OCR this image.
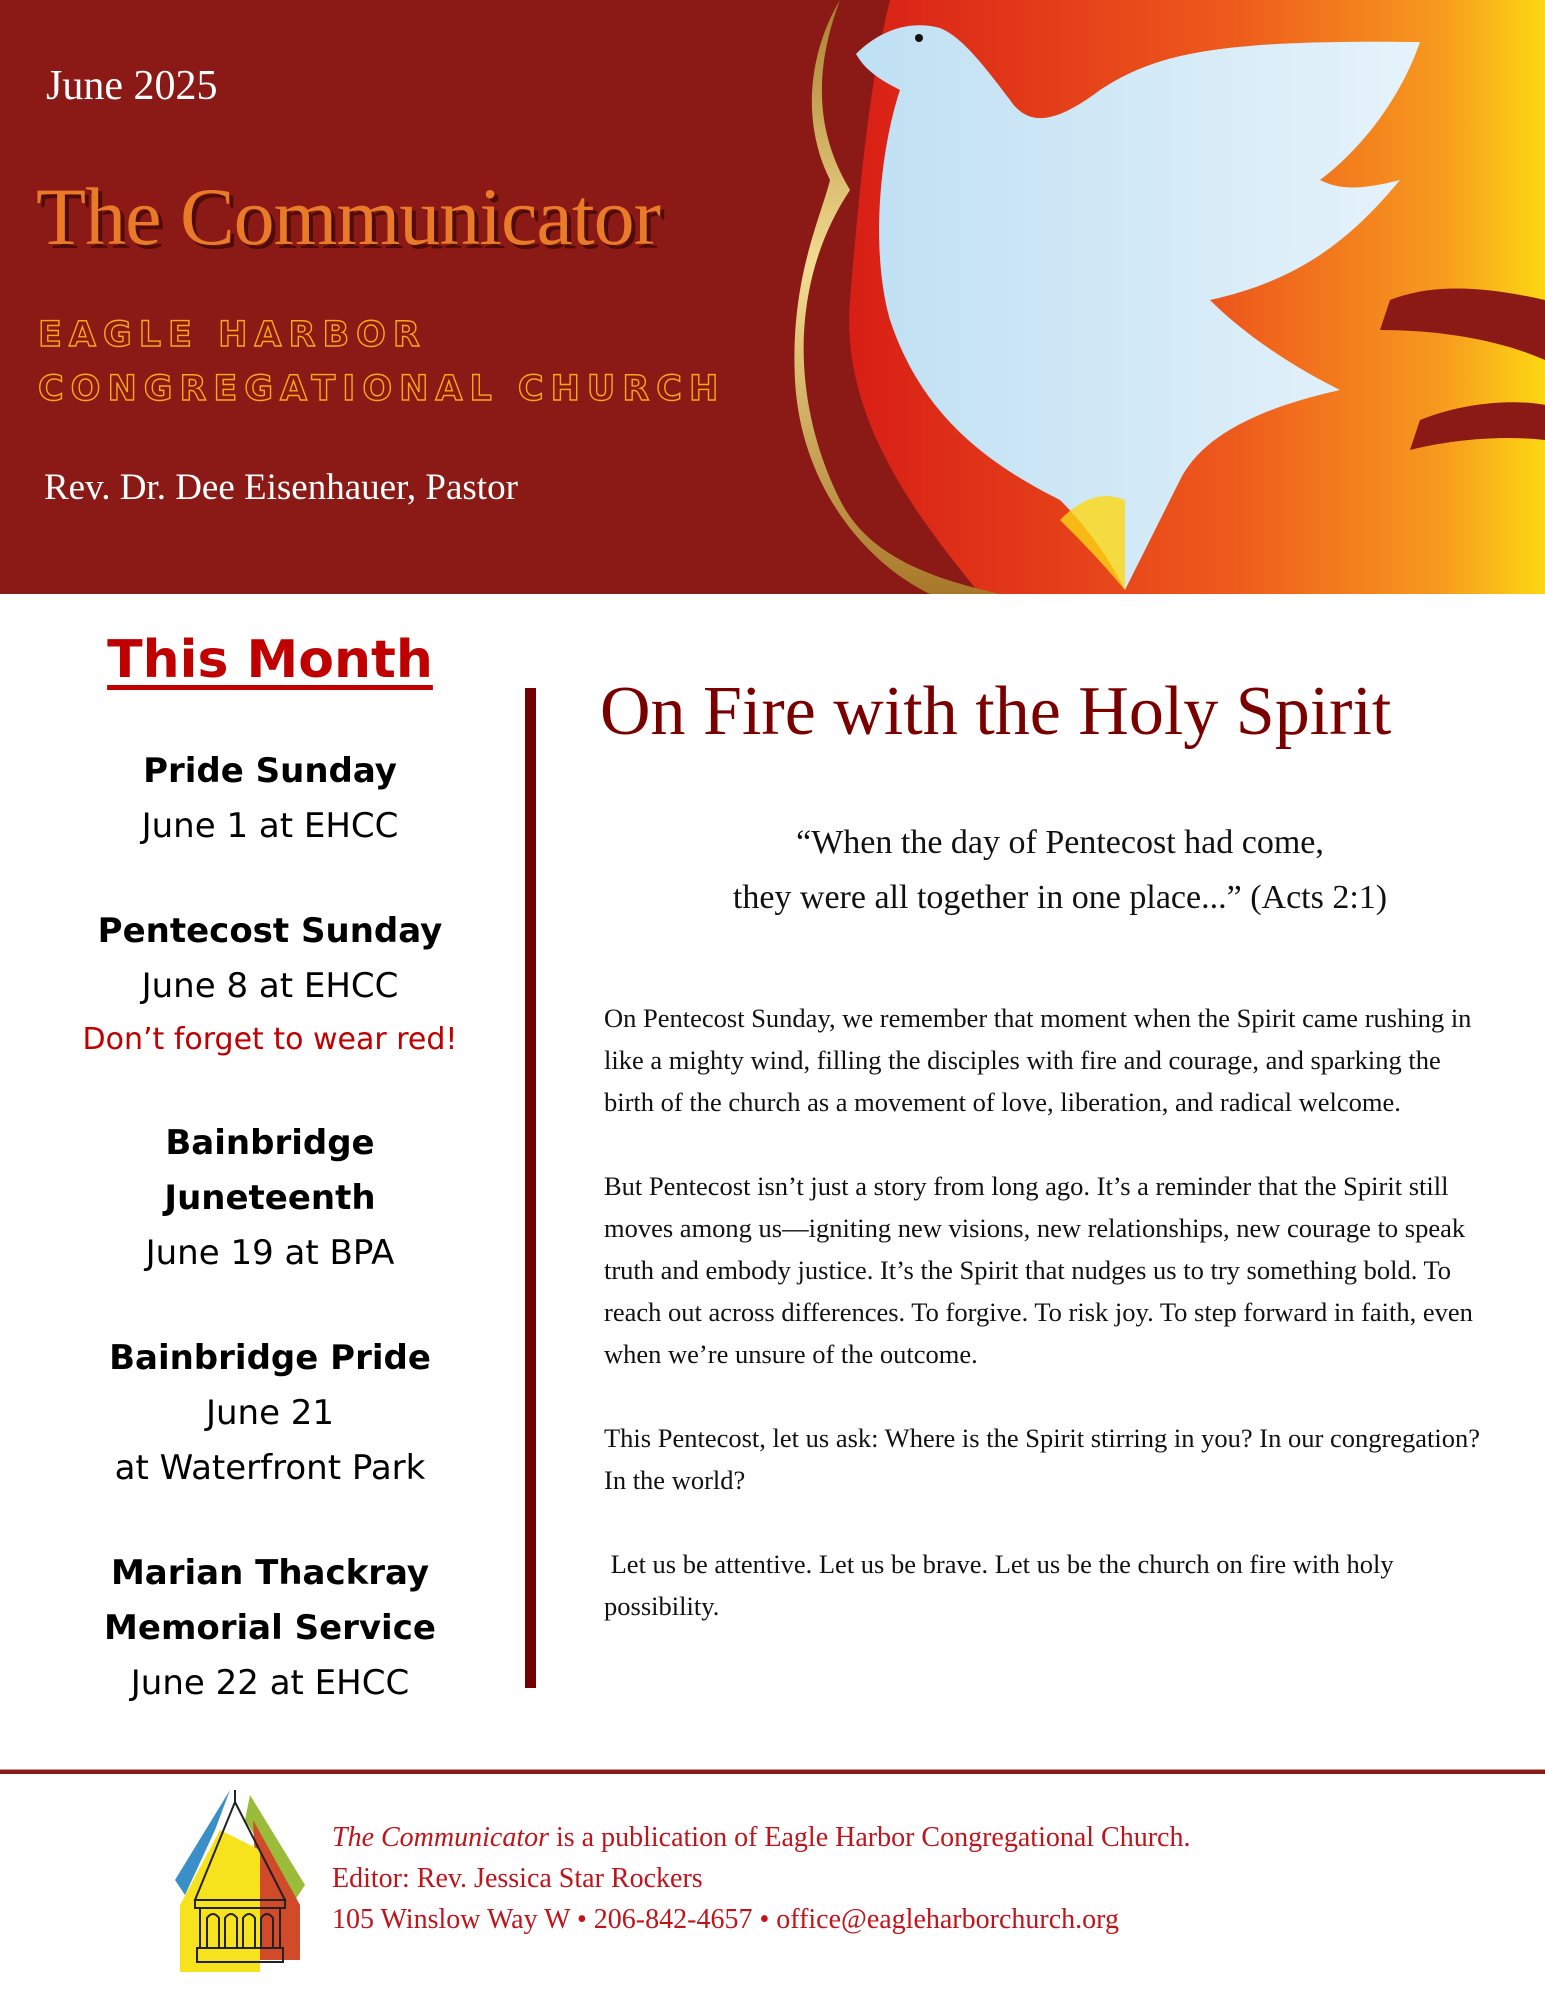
June 2025
The Communicator
EAGLE HARBOR
CONGREGATIONAL CHURCH
Rev. Dr. Dee Eisenhauer, Pastor
This Month
Pride Sunday
June 1 at EHCC
Pentecost Sunday
June 8 at EHCC
Don’t forget to wear red!
Bainbridge
Juneteenth
June 19 at BPA
Bainbridge Pride
June 21
at Waterfront Park
Marian Thackray
Memorial Service
June 22 at EHCC
On Fire with the Holy Spirit
“When the day of Pentecost had come,
they were all together in one place...” (Acts 2:1)

On Pentecost Sunday, we remember that moment when the Spirit came rushing in like a mighty wind, filling the disciples with fire and courage, and sparking the birth of the church as a movement of love, liberation, and radical welcome.

But Pentecost isn’t just a story from long ago. It’s a reminder that the Spirit still moves among us—igniting new visions, new relationships, new courage to speak truth and embody justice. It’s the Spirit that nudges us to try something bold. To reach out across differences. To forgive. To risk joy. To step forward in faith, even when we’re unsure of the outcome.

This Pentecost, let us ask: Where is the Spirit stirring in you? In our congregation? In the world?

Let us be attentive. Let us be brave. Let us be the church on fire with holy possibility.

The Communicator is a publication of Eagle Harbor Congregational Church.
Editor: Rev. Jessica Star Rockers
105 Winslow Way W • 206-842-4657 • office@eagleharborchurch.org
